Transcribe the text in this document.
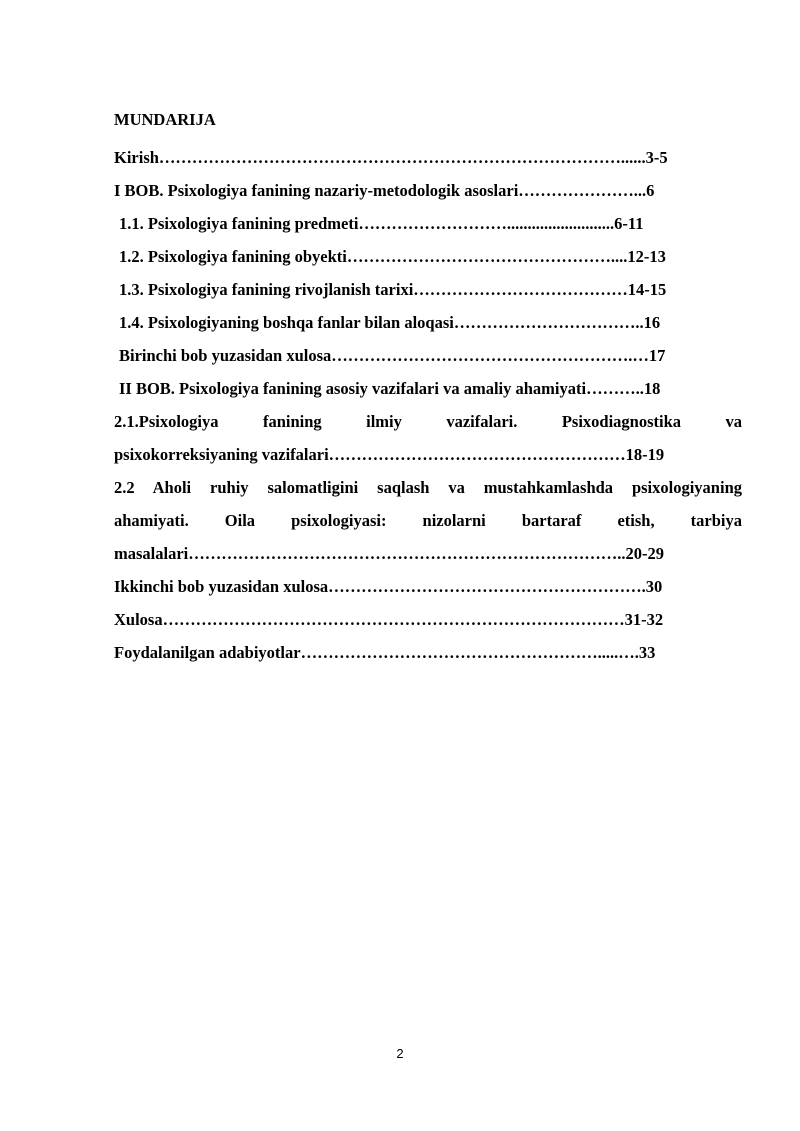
MUNDARIJA
Kirish…………………………………………………………………………......3-5
I BOB. Psixologiya fanining nazariy-metodologik asoslari…………………...6
1.1. Psixologiya fanining predmeti………………………..........................6-11
1.2. Psixologiya fanining obyekti…………………………………………....12-13
1.3. Psixologiya fanining rivojlanish tarixi…………………………………14-15
1.4. Psixologiyaning boshqa fanlar bilan aloqasi……………………………..16
Birinchi bob yuzasidan xulosa……………………………………………….…17
II BOB. Psixologiya fanining asosiy vazifalari va amaliy ahamiyati………..18
2.1.Psixologiya fanining ilmiy vazifalari. Psixodiagnostika va
psixokorreksiyaning vazifalari………………………………………………18-19
2.2 Aholi ruhiy salomatligini saqlash va mustahkamlashda psixologiyaning
ahamiyati. Oila psixologiyasi: nizolarni bartaraf etish, tarbiya
masalalari……………………………………………………………………..20-29
Ikkinchi bob yuzasidan xulosa………………………………………………….30
Xulosa…………………………………………………………………………31-32
Foydalanilgan adabiyotlar……………………………………………….....….33
2
